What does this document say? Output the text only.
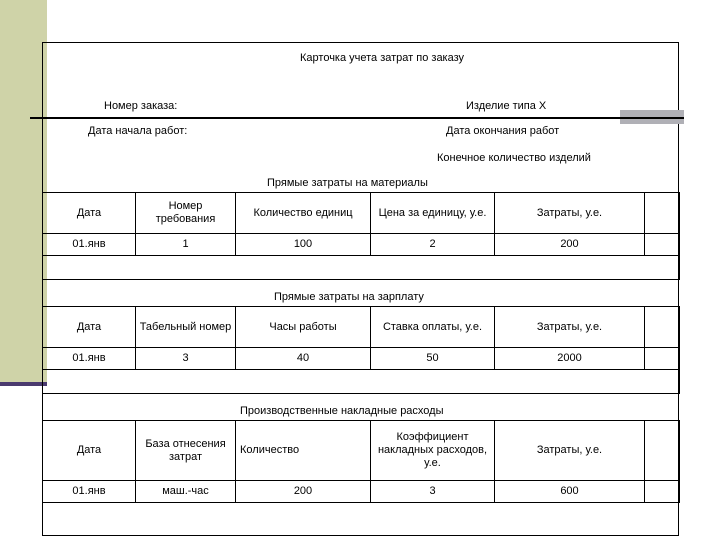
Карточка учета затрат по заказу
Номер заказа:	Изделие типа X
Дата начала работ:	Дата окончания работ
Конечное количество изделий
Прямые затраты на материалы
Дата	Номер требования	Количество единиц	Цена за единицу, у.е.	Затраты, у.е.	
01.янв	1	100	2	200	

Прямые затраты на зарплату
Дата	Табельный номер	Часы работы	Ставка оплаты, у.е.	Затраты, у.е.	
01.янв	3	40	50	2000	

Производственные накладные расходы
Дата	База отнесения затрат	Количество	Коэффициент накладных расходов, у.е.	Затраты, у.е.	
01.янв	маш.-час	200	3	600	
